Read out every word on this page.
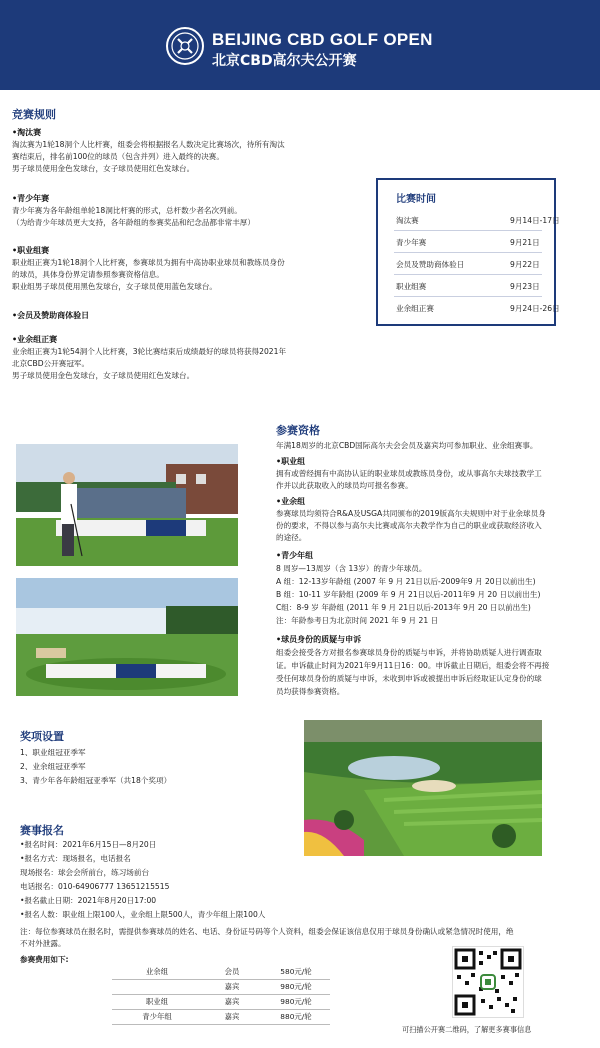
BEIJING CBD GOLF OPEN
北京CBD高尔夫公开赛
竞赛规则
•淘汰赛
淘汰赛为1轮18洞个人比杆赛，组委会将根据报名人数决定比赛场次，待所有淘汰
赛结束后，排名前100位的球员（包含并列）进入最终的决赛。
男子球员使用金色发球台，女子球员使用红色发球台。
•青少年赛
青少年赛为各年龄组单轮18洞比杆赛的形式，总杆数少者名次列前。
（为给青少年球员更大支持，各年龄组的参赛奖品和纪念品都非常丰厚）
•职业组赛
职业组正赛为1轮18洞个人比杆赛，参赛球员为拥有中高协职业球员和教练员身份
的球员，具体身份界定请参照参赛资格信息。
职业组男子球员使用黑色发球台，女子球员使用蓝色发球台。
•会员及赞助商体验日
•业余组正赛
业余组正赛为1轮54洞个人比杆赛，3轮比赛结束后成绩最好的球员将获得2021年
北京CBD公开赛冠军。
男子球员使用金色发球台，女子球员使用红色发球台。
比赛时间
淘汰赛	9月14日-17日
青少年赛	9月21日
会员及赞助商体验日	9月22日
职业组赛	9月23日
业余组正赛	9月24日-26日
参赛资格
年满18周岁的北京CBD国际高尔夫会会员及嘉宾均可参加职业、业余组赛事。
•职业组
拥有或曾经拥有中高协认证的职业球员或教练员身份，或从事高尔夫球技教学工
作并以此获取收入的球员均可报名参赛。
•业余组
参赛球员均须符合R&A及USGA共同颁布的2019版高尔夫规则中对于业余球员身
份的要求，不得以参与高尔夫比赛或高尔夫教学作为自己的职业或获取经济收入
的途径。
•青少年组
8 周岁—13周岁（含 13岁）的青少年球员。
A 组：12-13岁年龄组 (2007 年 9 月 21日以后-2009年9 月 20日以前出生)
B 组：10-11 岁年龄组 (2009 年 9 月 21日以后-2011年9 月 20 日以前出生)
C组：8-9 岁 年龄组 (2011 年 9 月 21日以后-2013年 9月 20 日以前出生)
注：年龄参考日为北京时间 2021 年 9 月 21 日
•球员身份的质疑与申诉
组委会接受各方对报名参赛球员身份的质疑与申诉，并将协助质疑人进行调查取
证。申诉截止时间为2021年9月11日16：00。申诉截止日期后，组委会将不再接
受任何球员身份的质疑与申诉，未收到申诉或被提出申诉后经取证认定身份的球
员均获得参赛资格。
奖项设置
1、职业组冠亚季军
2、业余组冠亚季军
3、青少年各年龄组冠亚季军（共18个奖项）
赛事报名
•报名时间：2021年6月15日—8月20日
•报名方式：现场报名，电话报名
现场报名：球会会所前台，练习场前台
电话报名：010-64906777 13651215515
•报名截止日期：2021年8月20日17:00
•报名人数：职业组上限100人，业余组上限500人，青少年组上限100人
注：每位参赛球员在报名时，需提供参赛球员的姓名、电话、身份证号码等个人资料，组委会保证该信息仅用于球员身份确认或紧急情况时使用，绝
不对外泄露。
参赛费用如下:
业余组	会员	580元/轮
	嘉宾	980元/轮
职业组	嘉宾	980元/轮
青少年组	嘉宾	880元/轮
可扫描公开赛二维码，了解更多赛事信息
